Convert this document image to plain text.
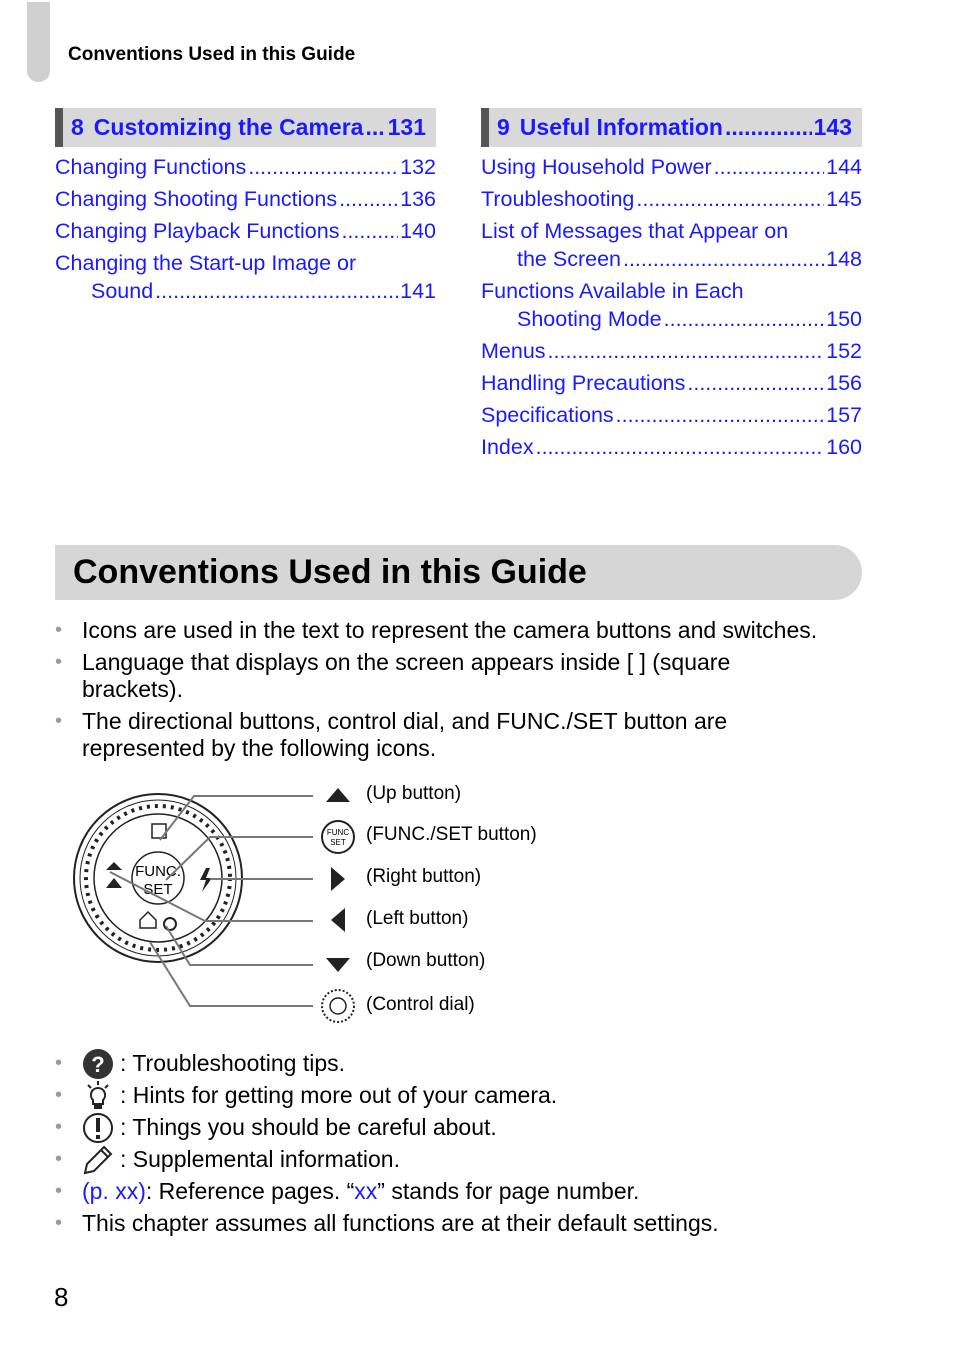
Conventions Used in this Guide
8 Customizing the Camera ..... 131
Changing Functions .....	132
Changing Shooting Functions .....	136
Changing Playback Functions .....	140
Changing the Start-up Image or
Sound .....	141
9 Useful Information .....	143
Using Household Power .....	144
Troubleshooting .....	145
List of Messages that Appear on
the Screen .....	148
Functions Available in Each
Shooting Mode .....	150
Menus .....	152
Handling Precautions .....	156
Specifications .....	157
Index .....	160
Conventions Used in this Guide
• Icons are used in the text to represent the camera buttons and switches.
• Language that displays on the screen appears inside [ ] (square brackets).
• The directional buttons, control dial, and FUNC./SET button are represented by the following icons.
FUNC.
SET
FUNC
SET
(Up button)
(FUNC./SET button)
(Right button)
(Left button)
(Down button)
(Control dial)
• ? : Troubleshooting tips.
• : Hints for getting more out of your camera.
• : Things you should be careful about.
• : Supplemental information.
• (p. xx) : Reference pages. “ xx ” stands for page number.
• This chapter assumes all functions are at their default settings.
8
